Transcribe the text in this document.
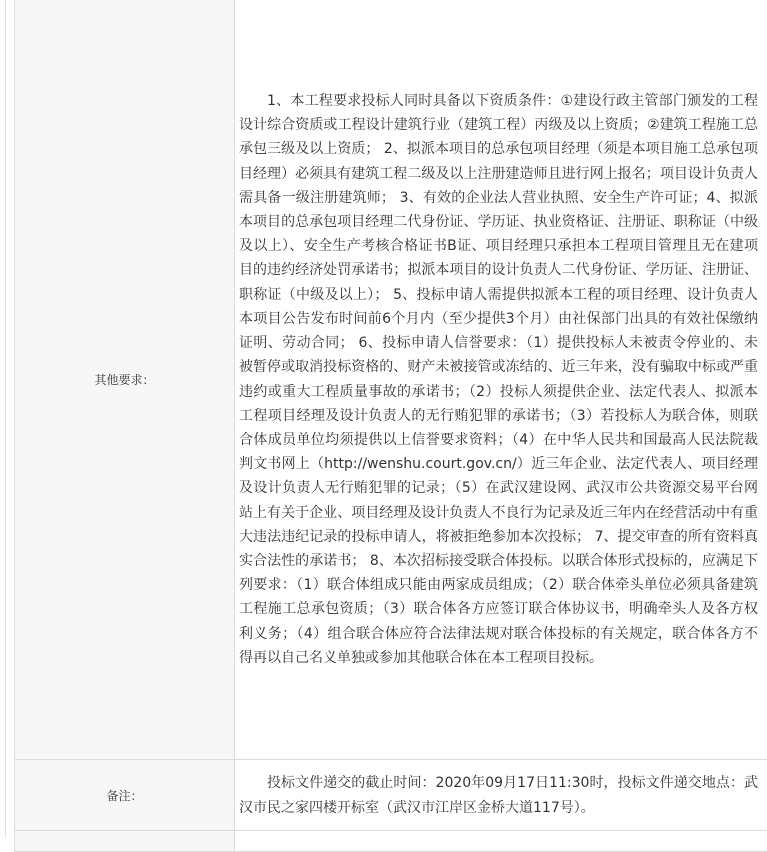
其他要求：	1、本工程要求投标人同时具备以下资质条件：①建设行政主管部门颁发的工程设计综合资质或工程设计建筑行业（建筑工程）丙级及以上资质；②建筑工程施工总承包三级及以上资质； 2、拟派本项目的总承包项目经理（须是本项目施工总承包项目经理）必须具有建筑工程二级及以上注册建造师且进行网上报名；项目设计负责人需具备一级注册建筑师； 3、有效的企业法人营业执照、安全生产许可证；4、拟派本项目的总承包项目经理二代身份证、学历证、执业资格证、注册证、职称证（中级及以上）、安全生产考核合格证书B证、项目经理只承担本工程项目管理且无在建项目的违约经济处罚承诺书；拟派本项目的设计负责人二代身份证、学历证、注册证、职称证（中级及以上）； 5、投标申请人需提供拟派本工程的项目经理、设计负责人本项目公告发布时间前6个月内（至少提供3个月）由社保部门出具的有效社保缴纳证明、劳动合同； 6、投标申请人信誉要求：（1）提供投标人未被责令停业的、未被暂停或取消投标资格的、财产未被接管或冻结的、近三年来，没有骗取中标或严重违约或重大工程质量事故的承诺书；（2）投标人须提供企业、法定代表人、拟派本工程项目经理及设计负责人的无行贿犯罪的承诺书；（3）若投标人为联合体，则联合体成员单位均须提供以上信誉要求资料；（4）在中华人民共和国最高人民法院裁判文书网上（http://wenshu.court.gov.cn/）近三年企业、法定代表人、项目经理及设计负责人无行贿犯罪的记录；（5）在武汉建设网、武汉市公共资源交易平台网站上有关于企业、项目经理及设计负责人不良行为记录及近三年内在经营活动中有重大违法违纪记录的投标申请人，将被拒绝参加本次投标； 7、提交审查的所有资料真实合法性的承诺书； 8、本次招标接受联合体投标。以联合体形式投标的，应满足下列要求：（1）联合体组成只能由两家成员组成；（2）联合体牵头单位必须具备建筑工程施工总承包资质；（3）联合体各方应签订联合体协议书，明确牵头人及各方权利义务；（4）组合联合体应符合法律法规对联合体投标的有关规定，联合体各方不得再以自己名义单独或参加其他联合体在本工程项目投标。

备注：	投标文件递交的截止时间：2020年09月17日11:30时，投标文件递交地点：武汉市民之家四楼开标室（武汉市江岸区金桥大道117号）。
